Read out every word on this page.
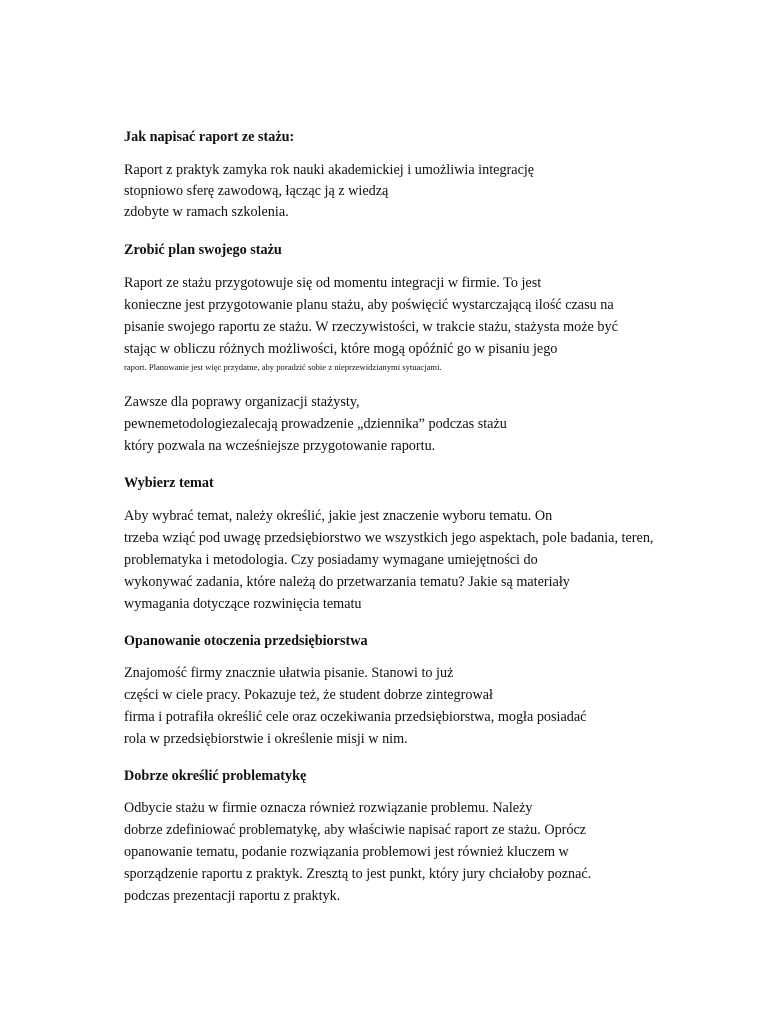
Jak napisać raport ze stażu:
Raport z praktyk zamyka rok nauki akademickiej i umożliwia integrację
stopniowo sferę zawodową, łącząc ją z wiedzą
zdobyte w ramach szkolenia.
Zrobić plan swojego stażu
Raport ze stażu przygotowuje się od momentu integracji w firmie. To jest
konieczne jest przygotowanie planu stażu, aby poświęcić wystarczającą ilość czasu na
pisanie swojego raportu ze stażu. W rzeczywistości, w trakcie stażu, stażysta może być
stając w obliczu różnych możliwości, które mogą opóźnić go w pisaniu jego
raport. Planowanie jest więc przydatne, aby poradzić sobie z nieprzewidzianymi sytuacjami.
Zawsze dla poprawy organizacji stażysty,
pewnemetodologiezalecają prowadzenie „dziennika” podczas stażu
który pozwala na wcześniejsze przygotowanie raportu.
Wybierz temat
Aby wybrać temat, należy określić, jakie jest znaczenie wyboru tematu. On
trzeba wziąć pod uwagę przedsiębiorstwo we wszystkich jego aspektach, pole badania, teren,
problematyka i metodologia. Czy posiadamy wymagane umiejętności do
wykonywać zadania, które należą do przetwarzania tematu? Jakie są materiały
wymagania dotyczące rozwinięcia tematu
Opanowanie otoczenia przedsiębiorstwa
Znajomość firmy znacznie ułatwia pisanie. Stanowi to już
części w ciele pracy. Pokazuje też, że student dobrze zintegrował
firma i potrafiła określić cele oraz oczekiwania przedsiębiorstwa, mogła posiadać
rola w przedsiębiorstwie i określenie misji w nim.
Dobrze określić problematykę
Odbycie stażu w firmie oznacza również rozwiązanie problemu. Należy
dobrze zdefiniować problematykę, aby właściwie napisać raport ze stażu. Oprócz
opanowanie tematu, podanie rozwiązania problemowi jest również kluczem w
sporządzenie raportu z praktyk. Zresztą to jest punkt, który jury chciałoby poznać.
podczas prezentacji raportu z praktyk.
